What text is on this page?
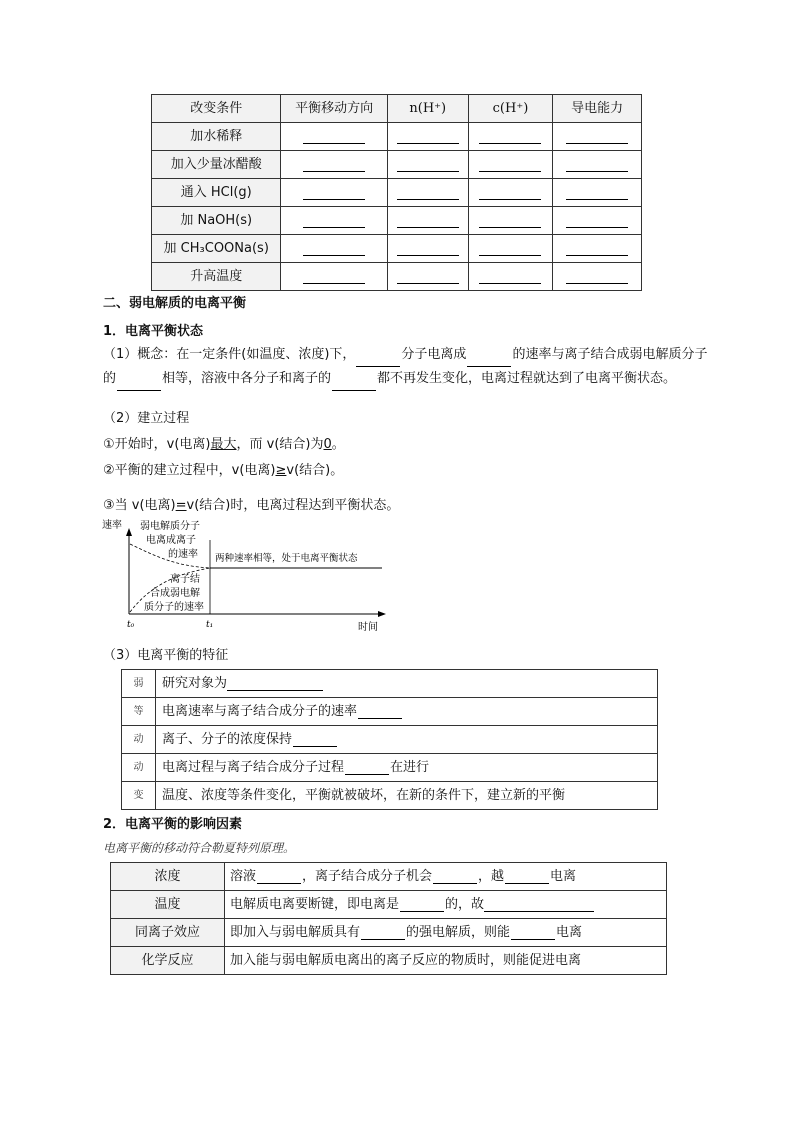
改变条件	平衡移动方向	n(H⁺)	c(H⁺)	导电能力
加水稀释				
加入少量冰醋酸				
通入 HCl(g)				
加 NaOH(s)				
加 CH₃COONa(s)				
升高温度				
二、弱电解质的电离平衡
1．电离平衡状态
（1）概念：在一定条件(如温度、浓度)下，	分子电离成	的速率与离子结合成弱电解质分子的	相等，溶液中各分子和离子的	都不再发生变化，电离过程就达到了电离平衡状态。
（2）建立过程
①开始时，v(电离)最大，而 v(结合)为0。
②平衡的建立过程中，v(电离)≥v(结合)。
③当 v(电离)=v(结合)时，电离过程达到平衡状态。
速率 弱电解质分子
电离成离子
的速率 两种速率相等，处于电离平衡状态
离子结
合成弱电解
质分子的速率
t₀	t₁	时间
（3）电离平衡的特征
弱	研究对象为
等	电离速率与离子结合成分子的速率
动	离子、分子的浓度保持
动	电离过程与离子结合成分子过程 在进行
变	温度、浓度等条件变化，平衡就被破坏，在新的条件下，建立新的平衡
2．电离平衡的影响因素
电离平衡的移动符合勒夏特列原理。
浓度	溶液 ，离子结合成分子机会 ，越 电离
温度	电解质电离要断键，即电离是 的，故
同离子效应	即加入与弱电解质具有 的强电解质，则能 电离
化学反应	加入能与弱电解质电离出的离子反应的物质时，则能促进电离
